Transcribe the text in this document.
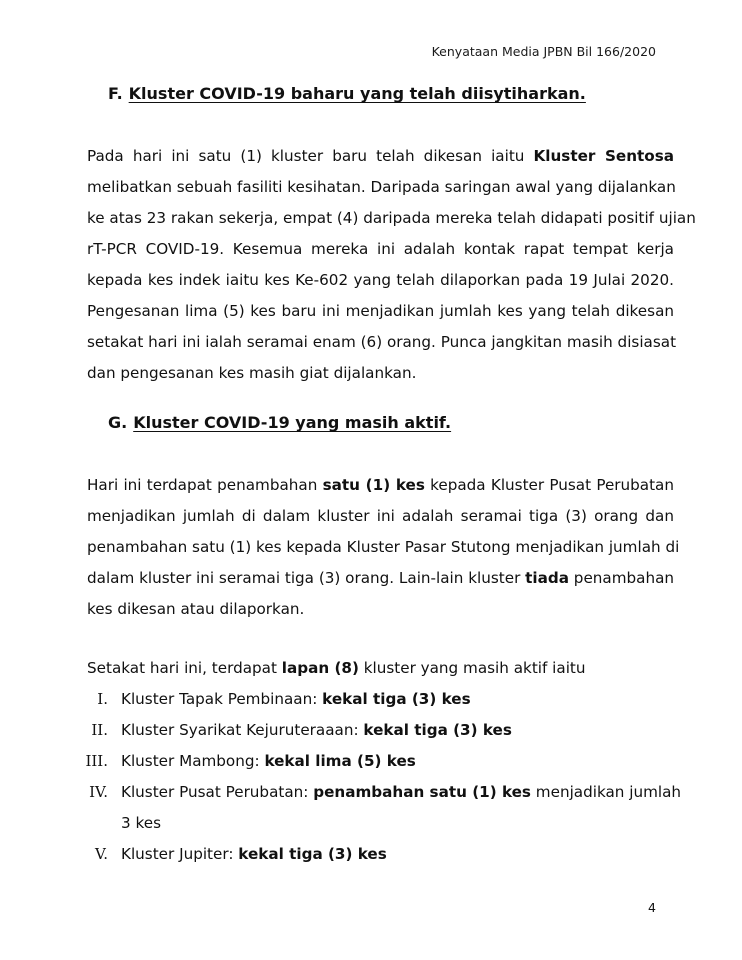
Kenyataan Media JPBN Bil 166/2020
F. Kluster COVID-19 baharu yang telah diisytiharkan.
Pada hari ini satu (1) kluster baru telah dikesan iaitu Kluster Sentosa
melibatkan sebuah fasiliti kesihatan. Daripada saringan awal yang dijalankan
ke atas 23 rakan sekerja, empat (4) daripada mereka telah didapati positif ujian
rT-PCR COVID-19. Kesemua mereka ini adalah kontak rapat tempat kerja
kepada kes indek iaitu kes Ke-602 yang telah dilaporkan pada 19 Julai 2020.
Pengesanan lima (5) kes baru ini menjadikan jumlah kes yang telah dikesan
setakat hari ini ialah seramai enam (6) orang. Punca jangkitan masih disiasat
dan pengesanan kes masih giat dijalankan.
G. Kluster COVID-19 yang masih aktif.
Hari ini terdapat penambahan satu (1) kes kepada Kluster Pusat Perubatan
menjadikan jumlah di dalam kluster ini adalah seramai tiga (3) orang dan
penambahan satu (1) kes kepada Kluster Pasar Stutong menjadikan jumlah di
dalam kluster ini seramai tiga (3) orang. Lain-lain kluster tiada penambahan
kes dikesan atau dilaporkan.
Setakat hari ini, terdapat lapan (8) kluster yang masih aktif iaitu
I. Kluster Tapak Pembinaan: kekal tiga (3) kes
II. Kluster Syarikat Kejuruteraaan: kekal tiga (3) kes
III. Kluster Mambong: kekal lima (5) kes
IV. Kluster Pusat Perubatan: penambahan satu (1) kes menjadikan jumlah
3 kes
V. Kluster Jupiter: kekal tiga (3) kes
4
